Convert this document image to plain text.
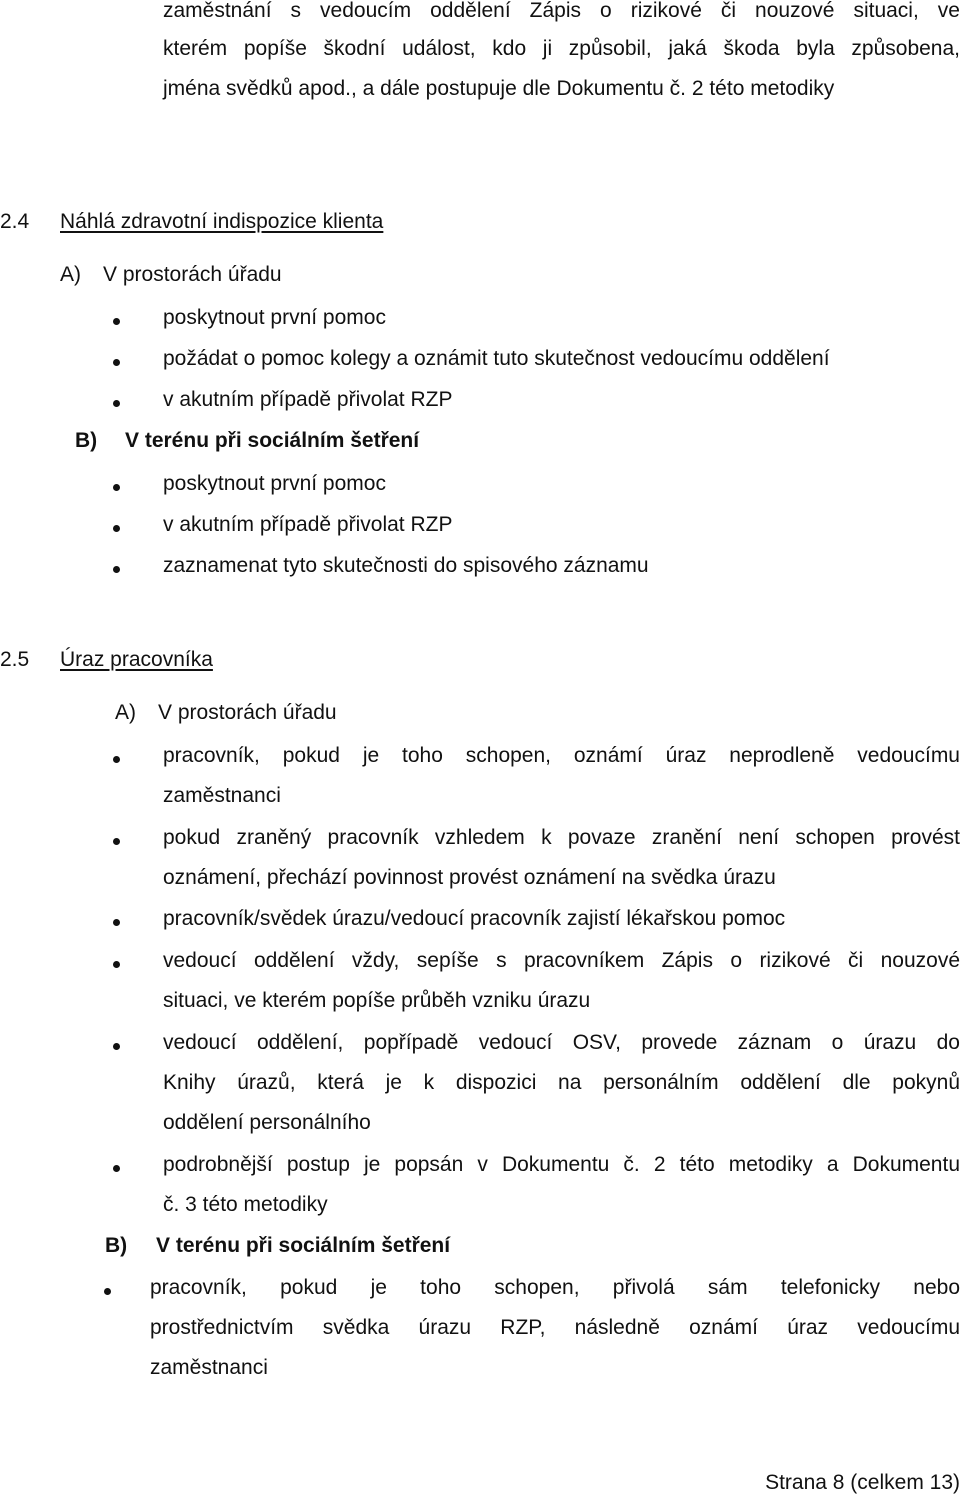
zaměstnání s vedoucím oddělení Zápis o rizikové či nouzové situaci, ve
kterém popíše škodní událost, kdo ji způsobil, jaká škoda byla způsobena,
jména svědků apod., a dále postupuje dle Dokumentu č. 2 této metodiky
2.4 Náhlá zdravotní indispozice klienta
A) V prostorách úřadu
poskytnout první pomoc
požádat o pomoc kolegy a oznámit tuto skutečnost vedoucímu oddělení
v akutním případě přivolat RZP
B) V terénu při sociálním šetření
poskytnout první pomoc
v akutním případě přivolat RZP
zaznamenat tyto skutečnosti do spisového záznamu
2.5 Úraz pracovníka
A) V prostorách úřadu
pracovník, pokud je toho schopen, oznámí úraz neprodleně vedoucímu
zaměstnanci
pokud zraněný pracovník vzhledem k povaze zranění není schopen provést
oznámení, přechází povinnost provést oznámení na svědka úrazu
pracovník/svědek úrazu/vedoucí pracovník zajistí lékařskou pomoc
vedoucí oddělení vždy, sepíše s pracovníkem Zápis o rizikové či nouzové
situaci, ve kterém popíše průběh vzniku úrazu
vedoucí oddělení, popřípadě vedoucí OSV, provede záznam o úrazu do
Knihy úrazů, která je k dispozici na personálním oddělení dle pokynů
oddělení personálního
podrobnější postup je popsán v Dokumentu č. 2 této metodiky a Dokumentu
č. 3 této metodiky
B) V terénu při sociálním šetření
pracovník, pokud je toho schopen, přivolá sám telefonicky nebo
prostřednictvím svědka úrazu RZP, následně oznámí úraz vedoucímu
zaměstnanci
Strana 8 (celkem 13)
